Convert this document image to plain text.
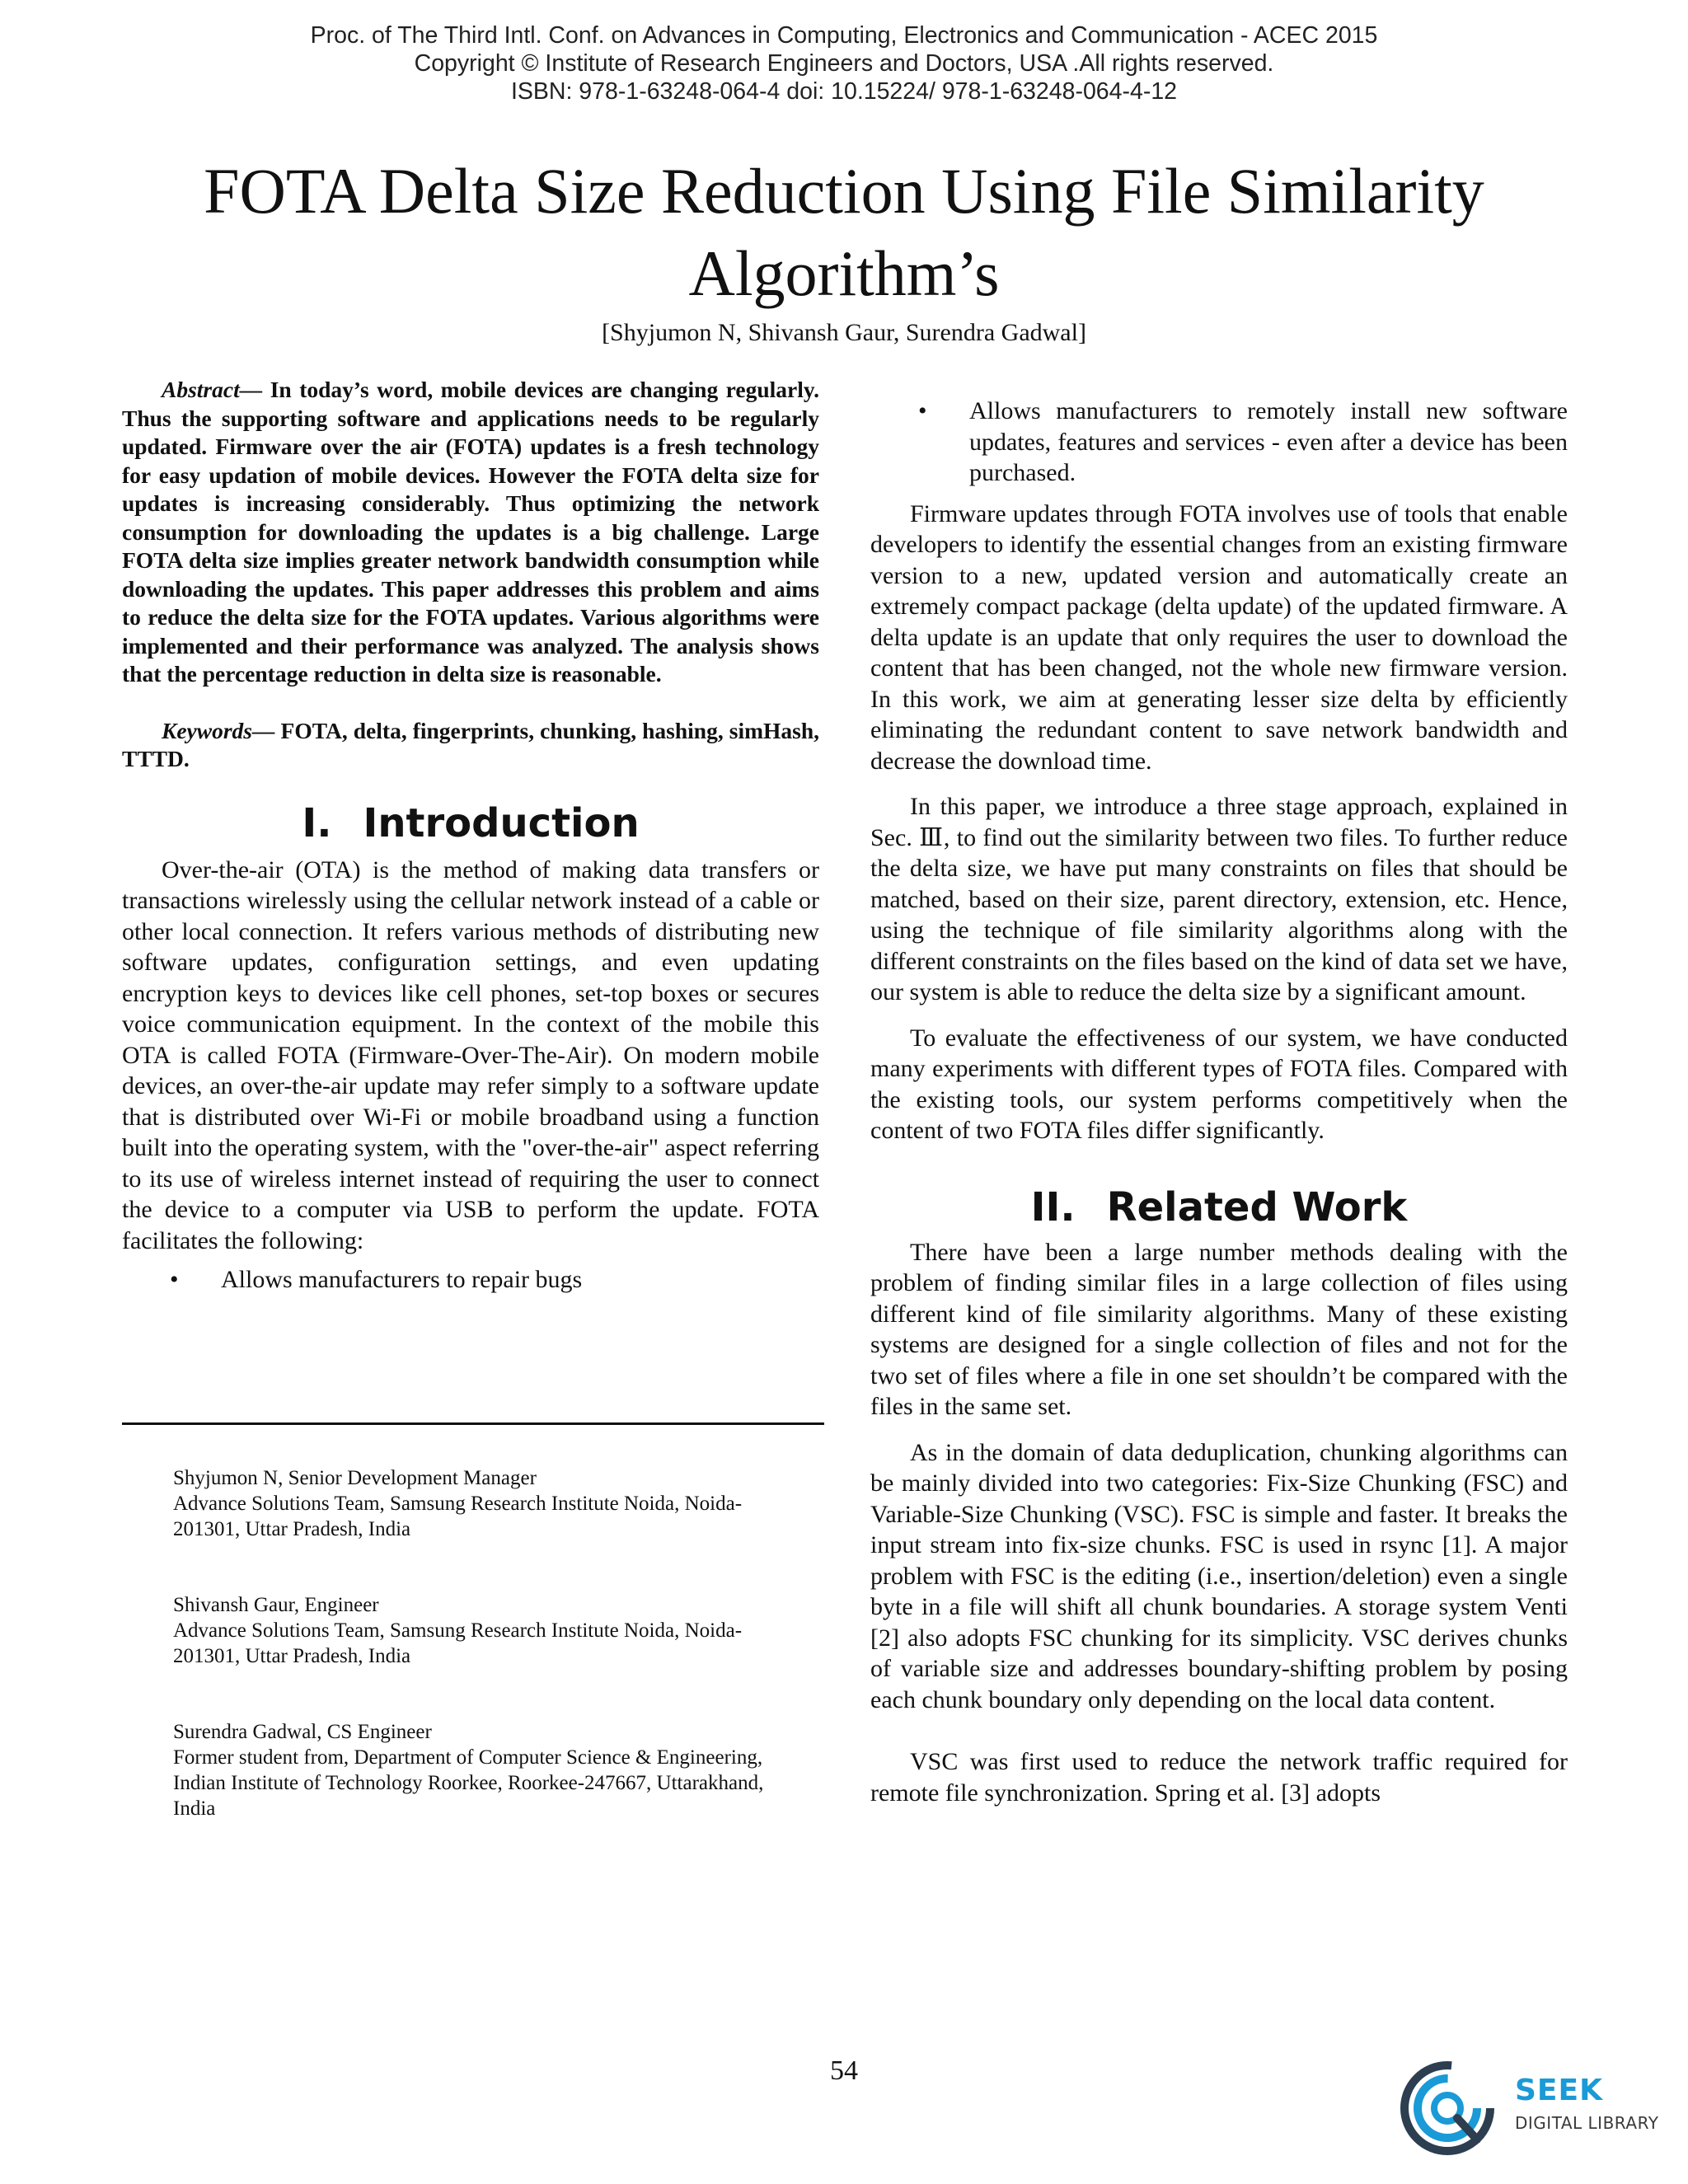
Proc. of The Third Intl. Conf. on Advances in Computing, Electronics and Communication - ACEC 2015
Copyright © Institute of Research Engineers and Doctors, USA .All rights reserved.
ISBN: 978-1-63248-064-4 doi: 10.15224/ 978-1-63248-064-4-12
FOTA Delta Size Reduction Using File Similarity Algorithm’s
[Shyjumon N, Shivansh Gaur, Surendra Gadwal]

Abstract— In today’s word, mobile devices are changing regularly. Thus the supporting software and applications needs to be regularly updated. Firmware over the air (FOTA) updates is a fresh technology for easy updation of mobile devices. However the FOTA delta size for updates is increasing considerably. Thus optimizing the network consumption for downloading the updates is a big challenge. Large FOTA delta size implies greater network bandwidth consumption while downloading the updates. This paper addresses this problem and aims to reduce the delta size for the FOTA updates. Various algorithms were implemented and their performance was analyzed. The analysis shows that the percentage reduction in delta size is reasonable.

Keywords— FOTA, delta, fingerprints, chunking, hashing, simHash, TTTD.

I. Introduction

Over-the-air (OTA) is the method of making data transfers or transactions wirelessly using the cellular network instead of a cable or other local connection. It refers various methods of distributing new software updates, configuration settings, and even updating encryption keys to devices like cell phones, set-top boxes or secures voice communication equipment. In the context of the mobile this OTA is called FOTA (Firmware-Over-The-Air). On modern mobile devices, an over-the-air update may refer simply to a software update that is distributed over Wi-Fi or mobile broadband using a function built into the operating system, with the "over-the-air" aspect referring to its use of wireless internet instead of requiring the user to connect the device to a computer via USB to perform the update. FOTA facilitates the following:

• Allows manufacturers to repair bugs
Shyjumon N, Senior Development Manager
Advance Solutions Team, Samsung Research Institute Noida, Noida-201301, Uttar Pradesh, India
Shivansh Gaur, Engineer
Advance Solutions Team, Samsung Research Institute Noida, Noida-201301, Uttar Pradesh, India
Surendra Gadwal, CS Engineer
Former student from, Department of Computer Science & Engineering, Indian Institute of Technology Roorkee, Roorkee-247667, Uttarakhand, India
• Allows manufacturers to remotely install new software updates, features and services - even after a device has been purchased.

Firmware updates through FOTA involves use of tools that enable developers to identify the essential changes from an existing firmware version to a new, updated version and automatically create an extremely compact package (delta update) of the updated firmware. A delta update is an update that only requires the user to download the content that has been changed, not the whole new firmware version. In this work, we aim at generating lesser size delta by efficiently eliminating the redundant content to save network bandwidth and decrease the download time.

In this paper, we introduce a three stage approach, explained in Sec. Ⅲ, to find out the similarity between two files. To further reduce the delta size, we have put many constraints on files that should be matched, based on their size, parent directory, extension, etc. Hence, using the technique of file similarity algorithms along with the different constraints on the files based on the kind of data set we have, our system is able to reduce the delta size by a significant amount.

To evaluate the effectiveness of our system, we have conducted many experiments with different types of FOTA files. Compared with the existing tools, our system performs competitively when the content of two FOTA files differ significantly.

II. Related Work

There have been a large number methods dealing with the problem of finding similar files in a large collection of files using different kind of file similarity algorithms. Many of these existing systems are designed for a single collection of files and not for the two set of files where a file in one set shouldn’t be compared with the files in the same set.

As in the domain of data deduplication, chunking algorithms can be mainly divided into two categories: Fix-Size Chunking (FSC) and Variable-Size Chunking (VSC). FSC is simple and faster. It breaks the input stream into fix-size chunks. FSC is used in rsync [1]. A major problem with FSC is the editing (i.e., insertion/deletion) even a single byte in a file will shift all chunk boundaries. A storage system Venti [2] also adopts FSC chunking for its simplicity. VSC derives chunks of variable size and addresses boundary-shifting problem by posing each chunk boundary only depending on the local data content.

VSC was first used to reduce the network traffic required for remote file synchronization. Spring et al. [3] adopts

54
SEEK
DIGITAL LIBRARY
